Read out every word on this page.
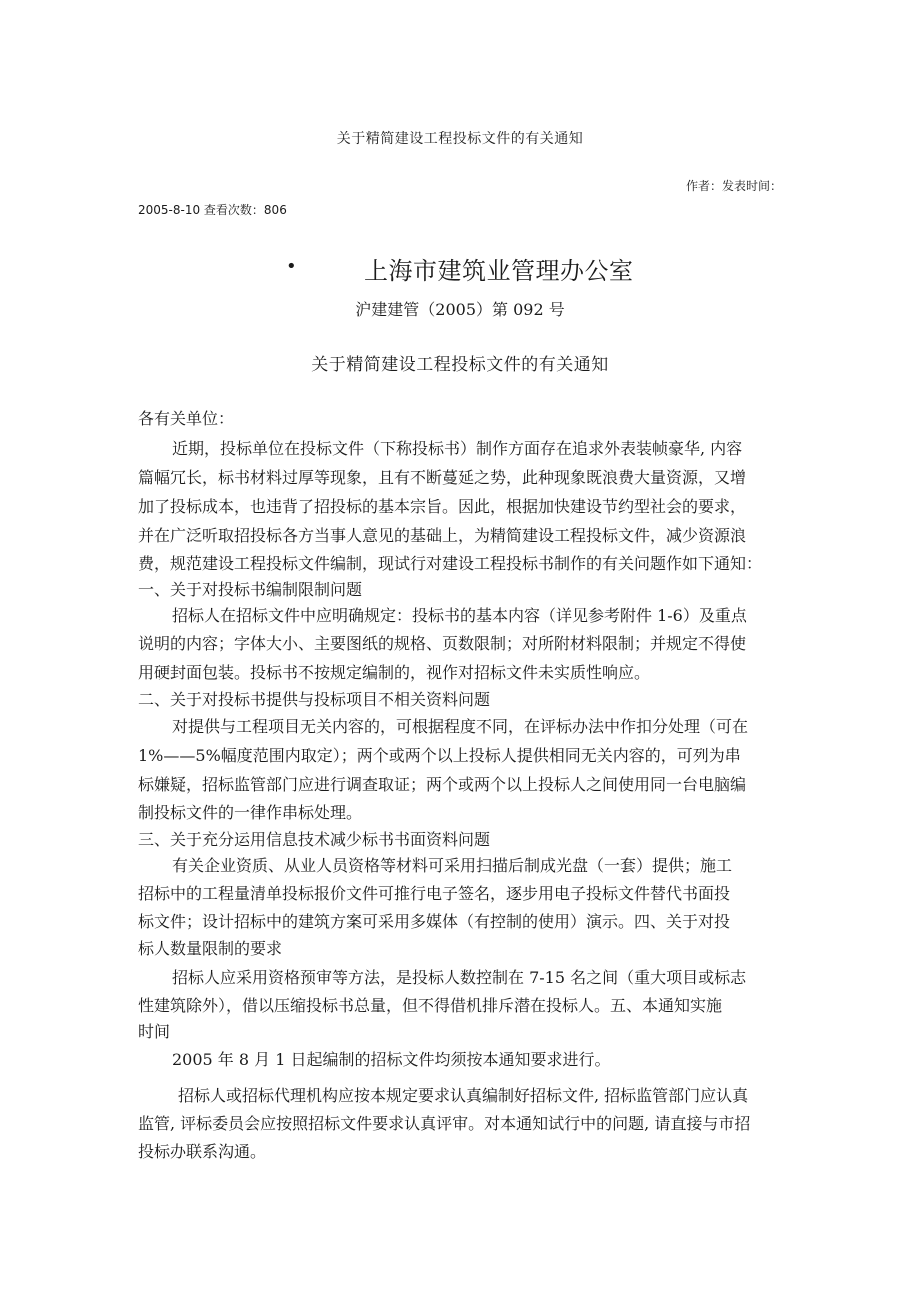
关于精简建设工程投标文件的有关通知
作者：发表时间：
2005-8-10 查看次数：806
•	上海市建筑业管理办公室
沪建建管（2005）第 092 号
关于精简建设工程投标文件的有关通知
各有关单位：
近期，投标单位在投标文件（下称投标书）制作方面存在追求外表装帧豪华, 内容
篇幅冗长，标书材料过厚等现象，且有不断蔓延之势，此种现象既浪费大量资源，又增
加了投标成本，也违背了招投标的基本宗旨。因此，根据加快建设节约型社会的要求，
并在广泛听取招投标各方当事人意见的基础上，为精简建设工程投标文件，减少资源浪
费，规范建设工程投标文件编制，现试行对建设工程投标书制作的有关问题作如下通知：
一、关于对投标书编制限制问题
招标人在招标文件中应明确规定：投标书的基本内容（详见参考附件 1-6）及重点
说明的内容；字体大小、主要图纸的规格、页数限制；对所附材料限制；并规定不得使
用硬封面包装。投标书不按规定编制的，视作对招标文件未实质性响应。
二、关于对投标书提供与投标项目不相关资料问题
对提供与工程项目无关内容的，可根据程度不同，在评标办法中作扣分处理（可在
1%——5%幅度范围内取定）；两个或两个以上投标人提供相同无关内容的，可列为串
标嫌疑，招标监管部门应进行调查取证；两个或两个以上投标人之间使用同一台电脑编
制投标文件的一律作串标处理。
三、关于充分运用信息技术减少标书书面资料问题
有关企业资质、从业人员资格等材料可采用扫描后制成光盘（一套）提供；施工
招标中的工程量清单投标报价文件可推行电子签名，逐步用电子投标文件替代书面投
标文件；设计招标中的建筑方案可采用多媒体（有控制的使用）演示。四、关于对投
标人数量限制的要求
招标人应采用资格预审等方法，是投标人数控制在 7-15 名之间（重大项目或标志
性建筑除外），借以压缩投标书总量，但不得借机排斥潜在投标人。五、本通知实施
时间
2005 年 8 月 1 日起编制的招标文件均须按本通知要求进行。
招标人或招标代理机构应按本规定要求认真编制好招标文件, 招标监管部门应认真
监管, 评标委员会应按照招标文件要求认真评审。对本通知试行中的问题, 请直接与市招
投标办联系沟通。
